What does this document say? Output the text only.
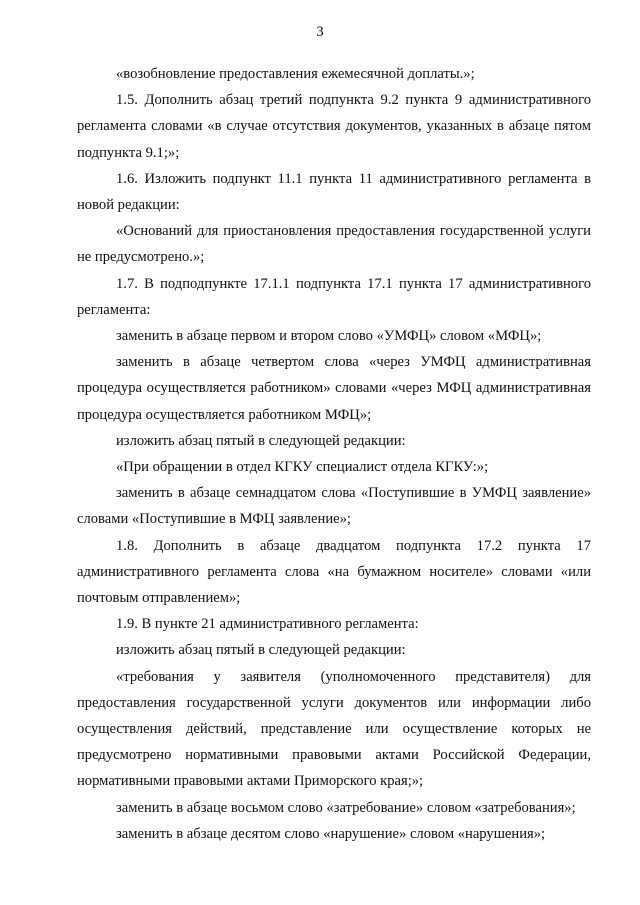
3

«возобновление предоставления ежемесячной доплаты.»;

1.5. Дополнить абзац третий подпункта 9.2 пункта 9 административного регламента словами «в случае отсутствия документов, указанных в абзаце пятом подпункта 9.1;»;

1.6. Изложить подпункт 11.1 пункта 11 административного регламента в новой редакции:

«Оснований для приостановления предоставления государственной услуги не предусмотрено.»;

1.7. В подподпункте 17.1.1 подпункта 17.1 пункта 17 административного регламента:

заменить в абзаце первом и втором слово «УМФЦ» словом «МФЦ»;

заменить в абзаце четвертом слова «через УМФЦ административная процедура осуществляется работником» словами «через МФЦ административная процедура осуществляется работником МФЦ»;

изложить абзац пятый в следующей редакции:

«При обращении в отдел КГКУ специалист отдела КГКУ:»;

заменить в абзаце семнадцатом слова «Поступившие в УМФЦ заявление» словами «Поступившие в МФЦ заявление»;

1.8. Дополнить в абзаце двадцатом подпункта 17.2 пункта 17 административного регламента слова «на бумажном носителе» словами «или почтовым отправлением»;

1.9. В пункте 21 административного регламента:

изложить абзац пятый в следующей редакции:

«требования у заявителя (уполномоченного представителя) для предоставления государственной услуги документов или информации либо осуществления действий, представление или осуществление которых не предусмотрено нормативными правовыми актами Российской Федерации, нормативными правовыми актами Приморского края;»;

заменить в абзаце восьмом слово «затребованиe» словом «затребования»;

заменить в абзаце десятом слово «нарушение» словом «нарушения»;
